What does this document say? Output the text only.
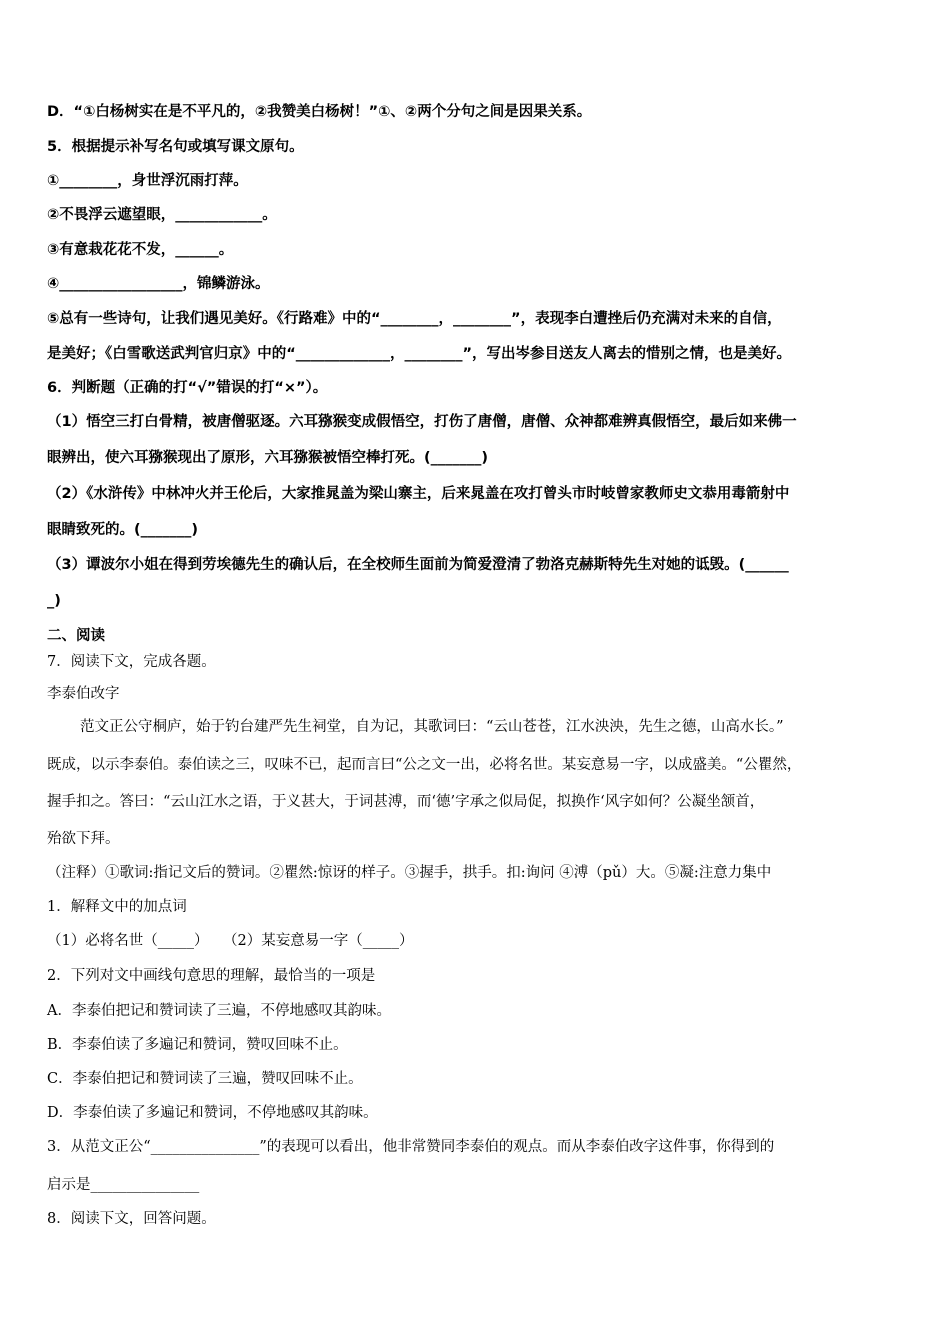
D．“①白杨树实在是不平凡的，②我赞美白杨树！”①、②两个分句之间是因果关系。
5．根据提示补写名句或填写课文原句。
①________，身世浮沉雨打萍。
②不畏浮云遮望眼，____________。
③有意栽花花不发，______。
④_________________，锦鳞游泳。
⑤总有一些诗句，让我们遇见美好。《行路难》中的“________，________”，表现李白遭挫后仍充满对未来的自信，
是美好；《白雪歌送武判官归京》中的“_____________，________”，写出岑参目送友人离去的惜别之情，也是美好。
6．判断题（正确的打“√”错误的打“×”）。
（1）悟空三打白骨精，被唐僧驱逐。六耳猕猴变成假悟空，打伤了唐僧，唐僧、众神都难辨真假悟空，最后如来佛一
眼辨出，使六耳猕猴现出了原形，六耳猕猴被悟空棒打死。(_______)
（2）《水浒传》中林冲火并王伦后，大家推晁盖为梁山寨主，后来晁盖在攻打曾头市时岐曾家教师史文恭用毒箭射中
眼睛致死的。(_______)
（3）谭波尔小姐在得到劳埃德先生的确认后，在全校师生面前为简爱澄清了勃洛克赫斯特先生对她的诋毁。(______
_)
二、阅读
7．阅读下文，完成各题。
李泰伯改字
范文正公守桐庐，始于钓台建严先生祠堂，自为记，其歌词曰：“云山苍苍，江水泱泱，先生之德，山高水长。”
既成，以示李泰伯。泰伯读之三，叹味不已，起而言曰“公之文一出，必将名世。某妄意易一字，以成盛美。“公瞿然，
握手扣之。答曰：“云山江水之语，于义甚大，于词甚溥，而‘德’字承之似局促，拟换作‘风字如何？公凝坐颔首，
殆欲下拜。
（注释）①歌词:指记文后的赞词。②瞿然:惊讶的样子。③握手，拱手。扣:询问 ④溥（pǔ）大。⑤凝:注意力集中
1．解释文中的加点词
（1）必将名世（_____）　　（2）某妄意易一字（_____）
2．下列对文中画线句意思的理解，最恰当的一项是
A．李泰伯把记和赞词读了三遍，不停地感叹其韵味。
B．李泰伯读了多遍记和赞词，赞叹回味不止。
C．李泰伯把记和赞词读了三遍，赞叹回味不止。
D．李泰伯读了多遍记和赞词，不停地感叹其韵味。
3．从范文正公“_______________”的表现可以看出，他非常赞同李泰伯的观点。而从李泰伯改字这件事，你得到的
启示是_______________
8．阅读下文，回答问题。
